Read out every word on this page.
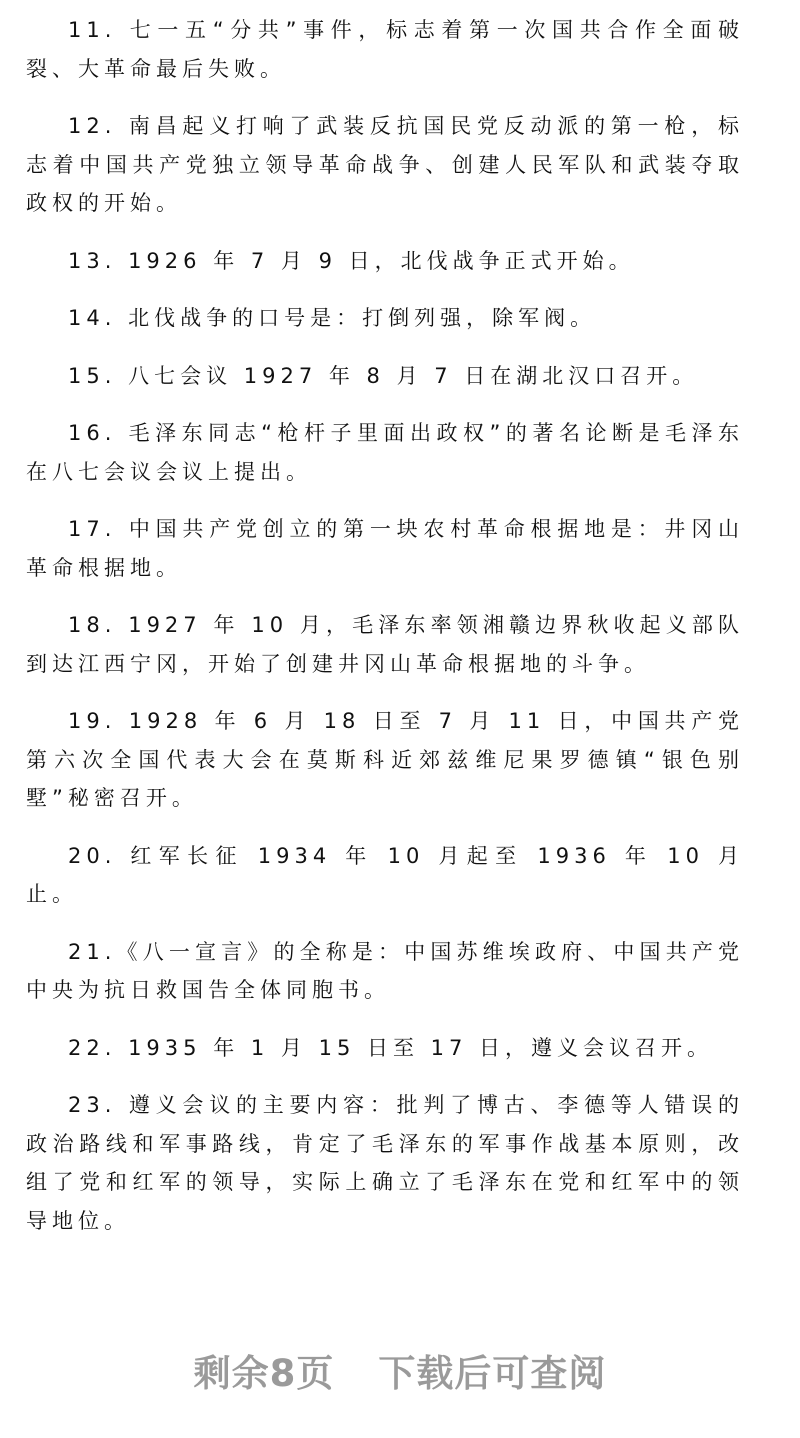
11. 七一五“分共”事件，标志着第一次国共合作全面破裂、大革命最后失败。

12. 南昌起义打响了武装反抗国民党反动派的第一枪，标志着中国共产党独立领导革命战争、创建人民军队和武装夺取政权的开始。

13. 1926 年 7 月 9 日，北伐战争正式开始。

14. 北伐战争的口号是：打倒列强，除军阀。

15. 八七会议 1927 年 8 月 7 日在湖北汉口召开。

16. 毛泽东同志“枪杆子里面出政权”的著名论断是毛泽东在八七会议会议上提出。

17. 中国共产党创立的第一块农村革命根据地是：井冈山革命根据地。

18. 1927 年 10 月，毛泽东率领湘赣边界秋收起义部队到达江西宁冈，开始了创建井冈山革命根据地的斗争。

19. 1928 年 6 月 18 日至 7 月 11 日，中国共产党第六次全国代表大会在莫斯科近郊兹维尼果罗德镇“银色别墅”秘密召开。

20. 红军长征 1934 年 10 月起至 1936 年 10 月止。

21.《八一宣言》的全称是：中国苏维埃政府、中国共产党中央为抗日救国告全体同胞书。

22. 1935 年 1 月 15 日至 17 日，遵义会议召开。

23. 遵义会议的主要内容：批判了博古、李德等人错误的政治路线和军事路线，肯定了毛泽东的军事作战基本原则，改组了党和红军的领导，实际上确立了毛泽东在党和红军中的领导地位。

剩余8页 下载后可查阅
